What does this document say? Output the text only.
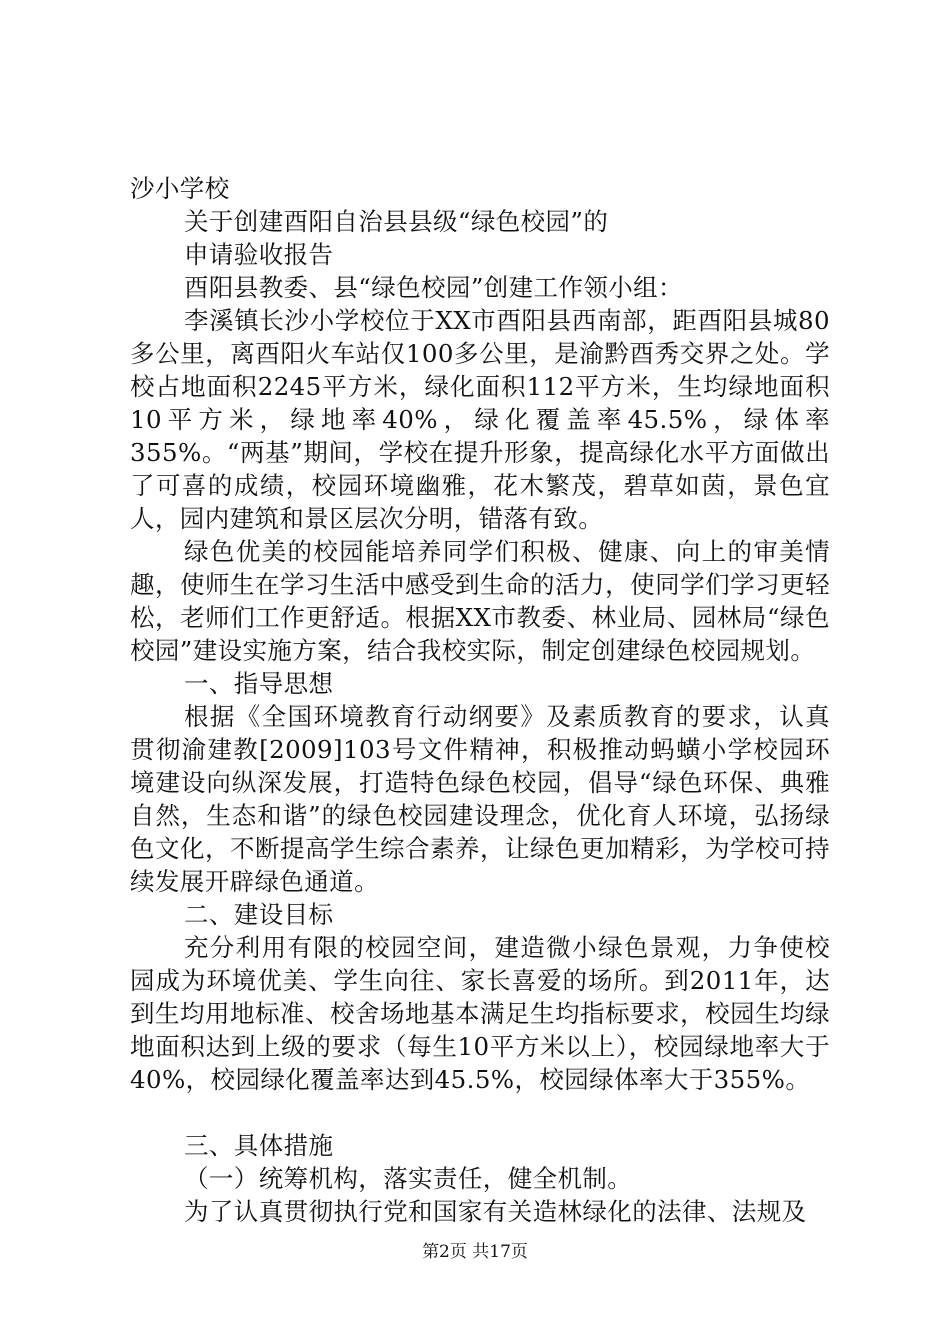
沙小学校

关于创建酉阳自治县县级“绿色校园”的

申请验收报告

酉阳县教委、县“绿色校园”创建工作领小组：

李溪镇长沙小学校位于XX市酉阳县西南部，距酉阳县城80多公里，离酉阳火车站仅100多公里，是渝黔酉秀交界之处。学校占地面积2245平方米，绿化面积112平方米，生均绿地面积10平方米，绿地率40%，绿化覆盖率45.5%，绿体率355%。“两基”期间，学校在提升形象，提高绿化水平方面做出了可喜的成绩，校园环境幽雅，花木繁茂，碧草如茵，景色宜人，园内建筑和景区层次分明，错落有致。

绿色优美的校园能培养同学们积极、健康、向上的审美情趣，使师生在学习生活中感受到生命的活力，使同学们学习更轻松，老师们工作更舒适。根据XX市教委、林业局、园林局“绿色校园”建设实施方案，结合我校实际，制定创建绿色校园规划。

一、指导思想

根据《全国环境教育行动纲要》及素质教育的要求，认真贯彻渝建教[2009]103号文件精神，积极推动蚂蟥小学校园环境建设向纵深发展，打造特色绿色校园，倡导“绿色环保、典雅自然，生态和谐”的绿色校园建设理念，优化育人环境，弘扬绿色文化，不断提高学生综合素养，让绿色更加精彩，为学校可持续发展开辟绿色通道。

二、建设目标

充分利用有限的校园空间，建造微小绿色景观，力争使校园成为环境优美、学生向往、家长喜爱的场所。到2011年，达到生均用地标准、校舍场地基本满足生均指标要求，校园生均绿地面积达到上级的要求（每生10平方米以上），校园绿地率大于40%，校园绿化覆盖率达到45.5%，校园绿体率大于355%。

三、具体措施

（一）统筹机构，落实责任，健全机制。

为了认真贯彻执行党和国家有关造林绿化的法律、法规及

第2页 共17页
